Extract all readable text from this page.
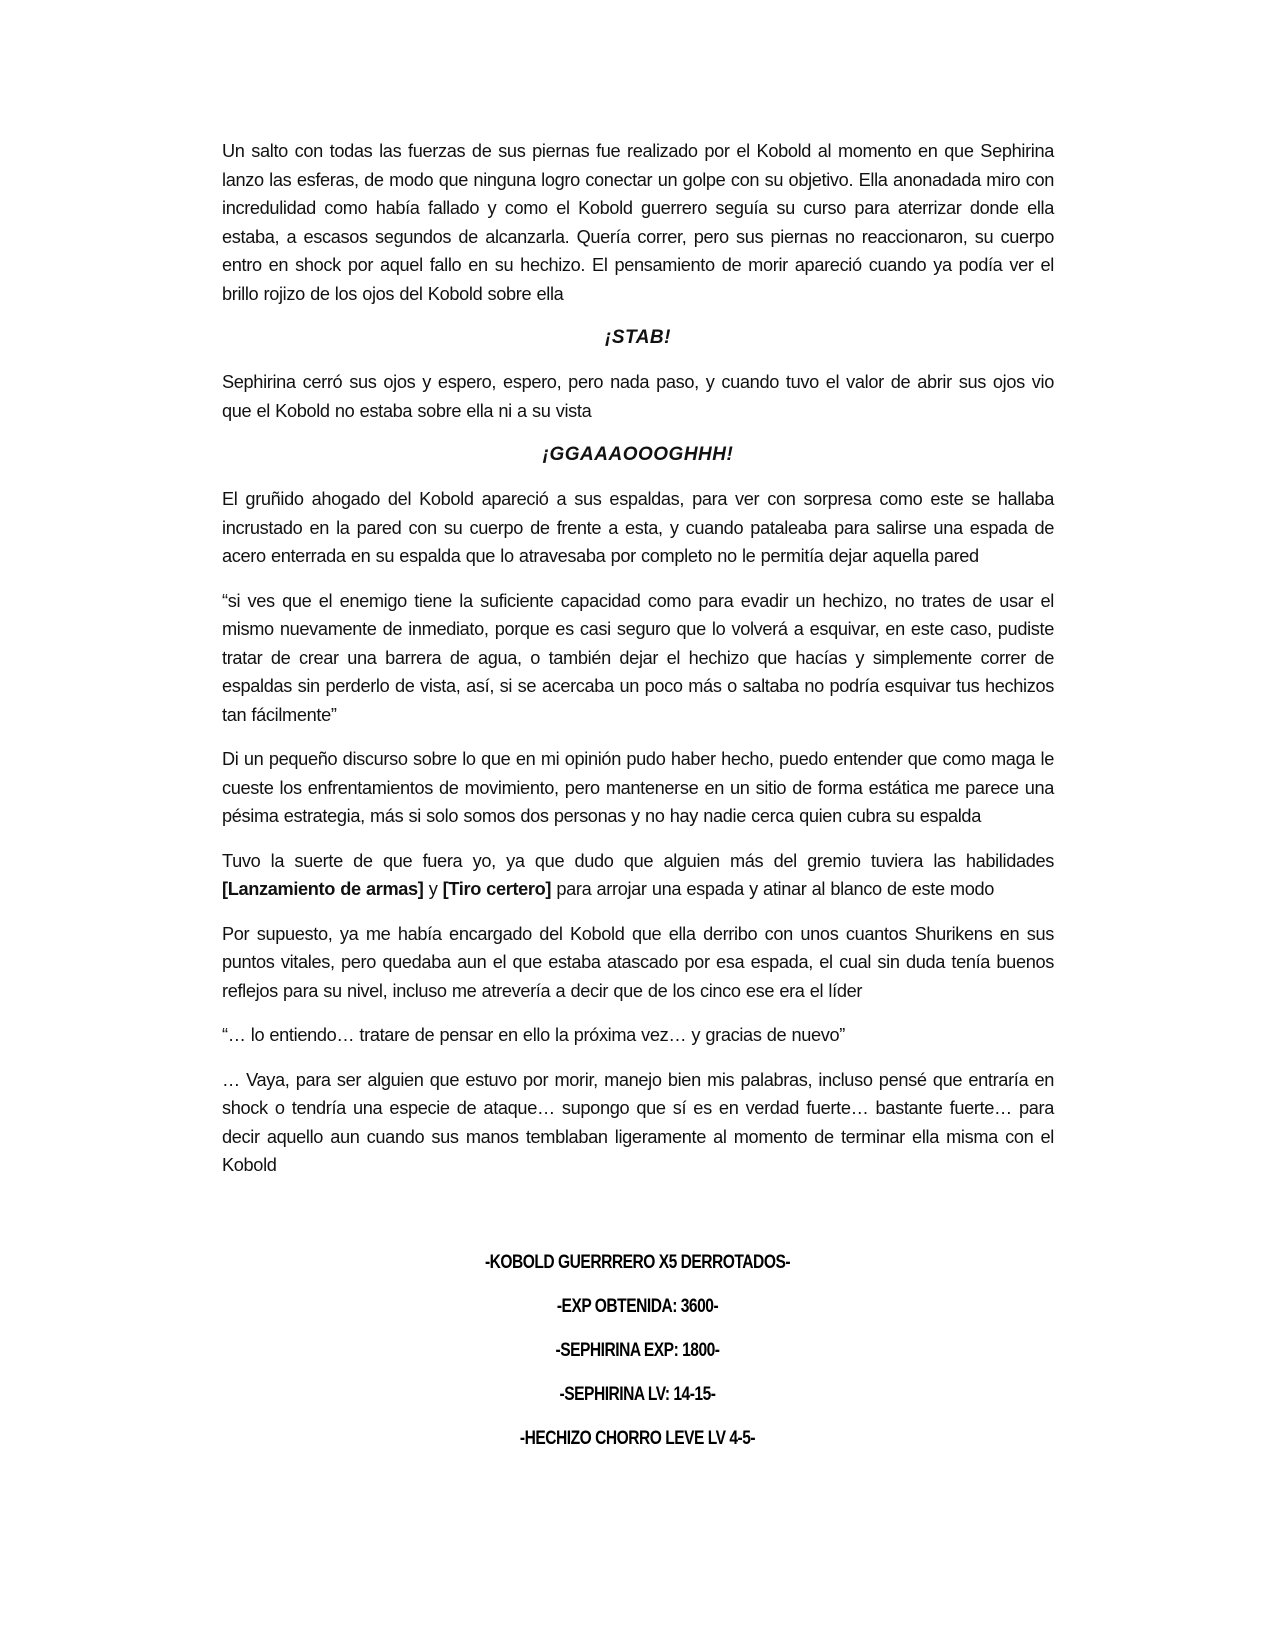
Un salto con todas las fuerzas de sus piernas fue realizado por el Kobold al momento en que Sephirina lanzo las esferas, de modo que ninguna logro conectar un golpe con su objetivo. Ella anonadada miro con incredulidad como había fallado y como el Kobold guerrero seguía su curso para aterrizar donde ella estaba, a escasos segundos de alcanzarla. Quería correr, pero sus piernas no reaccionaron, su cuerpo entro en shock por aquel fallo en su hechizo. El pensamiento de morir apareció cuando ya podía ver el brillo rojizo de los ojos del Kobold sobre ella

¡STAB!

Sephirina cerró sus ojos y espero, espero, pero nada paso, y cuando tuvo el valor de abrir sus ojos vio que el Kobold no estaba sobre ella ni a su vista

¡GGAAAOOOGHHH!

El gruñido ahogado del Kobold apareció a sus espaldas, para ver con sorpresa como este se hallaba incrustado en la pared con su cuerpo de frente a esta, y cuando pataleaba para salirse una espada de acero enterrada en su espalda que lo atravesaba por completo no le permitía dejar aquella pared

“si ves que el enemigo tiene la suficiente capacidad como para evadir un hechizo, no trates de usar el mismo nuevamente de inmediato, porque es casi seguro que lo volverá a esquivar, en este caso, pudiste tratar de crear una barrera de agua, o también dejar el hechizo que hacías y simplemente correr de espaldas sin perderlo de vista, así, si se acercaba un poco más o saltaba no podría esquivar tus hechizos tan fácilmente”

Di un pequeño discurso sobre lo que en mi opinión pudo haber hecho, puedo entender que como maga le cueste los enfrentamientos de movimiento, pero mantenerse en un sitio de forma estática me parece una pésima estrategia, más si solo somos dos personas y no hay nadie cerca quien cubra su espalda

Tuvo la suerte de que fuera yo, ya que dudo que alguien más del gremio tuviera las habilidades [Lanzamiento de armas] y [Tiro certero] para arrojar una espada y atinar al blanco de este modo

Por supuesto, ya me había encargado del Kobold que ella derribo con unos cuantos Shurikens en sus puntos vitales, pero quedaba aun el que estaba atascado por esa espada, el cual sin duda tenía buenos reflejos para su nivel, incluso me atrevería a decir que de los cinco ese era el líder

“… lo entiendo… tratare de pensar en ello la próxima vez… y gracias de nuevo”

… Vaya, para ser alguien que estuvo por morir, manejo bien mis palabras, incluso pensé que entraría en shock o tendría una especie de ataque… supongo que sí es en verdad fuerte… bastante fuerte… para decir aquello aun cuando sus manos temblaban ligeramente al momento de terminar ella misma con el Kobold

-KOBOLD GUERRRERO X5 DERROTADOS-

-EXP OBTENIDA: 3600-

-SEPHIRINA EXP: 1800-

-SEPHIRINA LV: 14-15-

-HECHIZO CHORRO LEVE LV 4-5-
